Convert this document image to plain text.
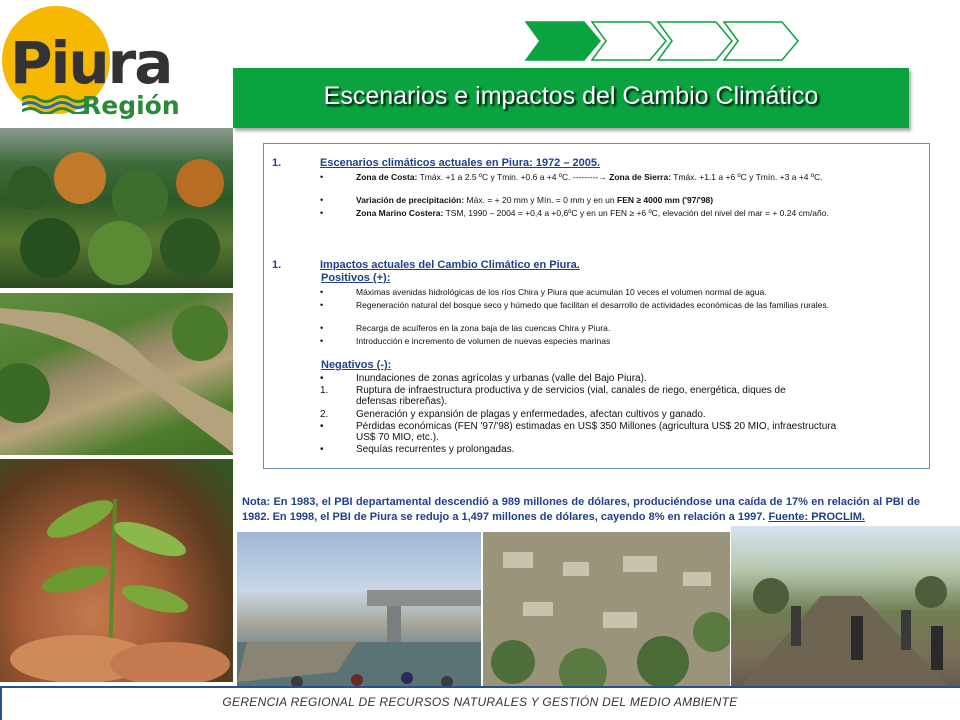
Piura
Región	Escenarios e impactos del Cambio Climático
1.	Escenarios climáticos actuales en Piura: 1972 – 2005.
•	Zona de Costa: Tmáx. +1 a 2.5 ºC y Tmin. +0.6 a +4 ºC. ---------→ Zona de Sierra: Tmáx. +1.1 a +6 ºC y Tmín. +3 a +4 ºC.
•	Variación de precipitación: Máx. = + 20 mm y Mín. = 0 mm y en un FEN ≥ 4000 mm ('97/'98)
•	Zona Marino Costera: TSM, 1990 – 2004 = +0,4 a +0,6ºC y en un FEN ≥ +6 ºC, elevación del nivel del mar = + 0.24 cm/año.
1.	Impactos actuales del Cambio Climático en Piura.
Positivos (+):
•	Máximas avenidas hidrológicas de los ríos Chira y Piura que acumulan 10 veces el volumen normal de agua.
•	Regeneración natural del bosque seco y húmedo que facilitan el desarrollo de actividades económicas de las familias rurales.
•	Recarga de acuíferos en la zona baja de las cuencas Chira y Piura.
•	Introducción e incremento de volumen de nuevas especies marinas
Negativos (-):
•	Inundaciones de zonas agrícolas y urbanas (valle del Bajo Piura).
1.	Ruptura de infraestructura productiva y de servicios (vial, canales de riego, energética, diques de defensas ribereñas).
2.	Generación y expansión de plagas y enfermedades, afectan cultivos y ganado.
•	Pérdidas económicas (FEN '97/'98) estimadas en US$ 350 Millones (agricultura US$ 20 MIO, infraestructura US$ 70 MIO, etc.).
•	Sequías recurrentes y prolongadas.
Nota: En 1983, el PBI departamental descendió a 989 millones de dólares, produciéndose una caída de 17% en relación al PBI de 1982. En 1998, el PBI de Piura se redujo a 1,497 millones de dólares, cayendo 8% en relación a 1997. Fuente: PROCLIM.
GERENCIA REGIONAL DE RECURSOS NATURALES Y GESTIÓN DEL MEDIO AMBIENTE
